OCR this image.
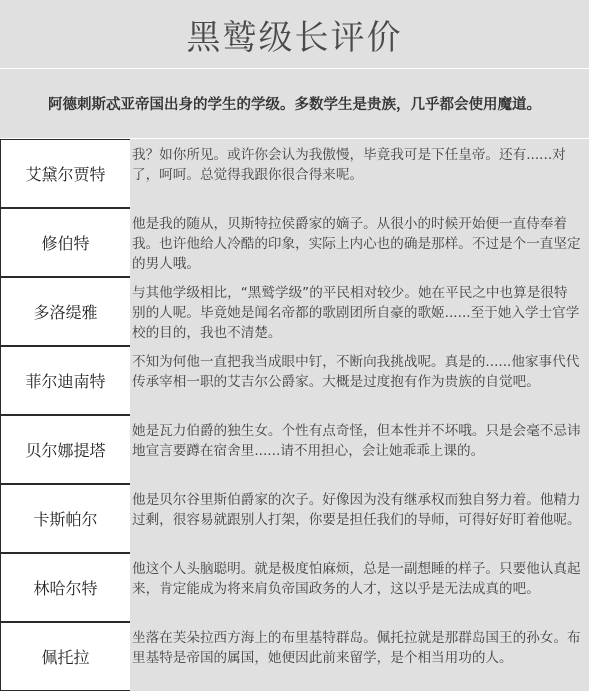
黑鹫级长评价
阿德刺斯忒亚帝国出身的学生的学级。多数学生是贵族，几乎都会使用魔道。
艾黛尔贾特
我？如你所见。或许你会认为我傲慢，毕竟我可是下任皇帝。还有......对了，呵呵。总觉得我跟你很合得来呢。
修伯特
他是我的随从，贝斯特拉侯爵家的嫡子。从很小的时候开始便一直侍奉着我。也许他给人冷酷的印象，实际上内心也的确是那样。不过是个一直坚定的男人哦。
多洛缇雅
与其他学级相比，“黑鹫学级”的平民相对较少。她在平民之中也算是很特别的人呢。毕竟她是闻名帝都的歌剧团所自豪的歌姬......至于她入学士官学校的目的，我也不清楚。
菲尔迪南特
不知为何他一直把我当成眼中钉，不断向我挑战呢。真是的......他家事代代传承宰相一职的艾吉尔公爵家。大概是过度抱有作为贵族的自觉吧。
贝尔娜提塔
她是瓦力伯爵的独生女。个性有点奇怪，但本性并不坏哦。只是会毫不忌讳地宣言要蹲在宿舍里......请不用担心，会让她乖乖上课的。
卡斯帕尔
他是贝尔谷里斯伯爵家的次子。好像因为没有继承权而独自努力着。他精力过剩，很容易就跟别人打架，你要是担任我们的导师，可得好好盯着他呢。
林哈尔特
他这个人头脑聪明。就是极度怕麻烦，总是一副想睡的样子。只要他认真起来，肯定能成为将来肩负帝国政务的人才，这以乎是无法成真的吧。
佩托拉
坐落在芙朵拉西方海上的布里基特群岛。佩托拉就是那群岛国王的孙女。布里基特是帝国的属国，她便因此前来留学，是个相当用功的人。
